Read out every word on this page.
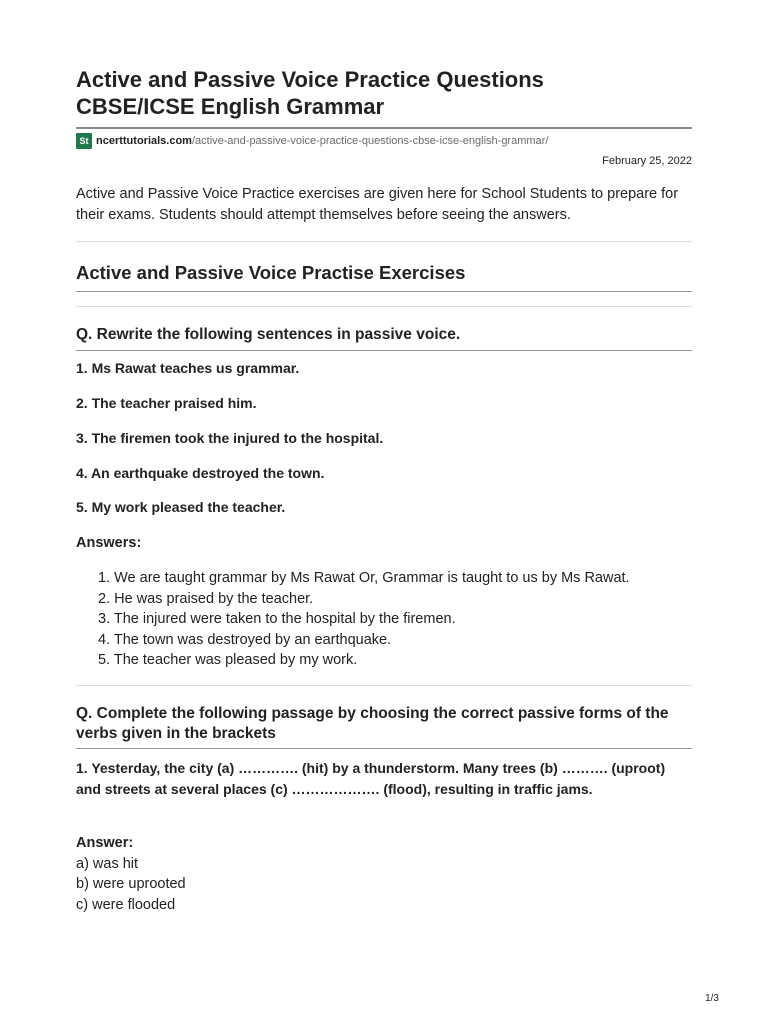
Active and Passive Voice Practice Questions
CBSE/ICSE English Grammar
St ncerttutorials.com /active-and-passive-voice-practice-questions-cbse-icse-english-grammar/
February 25, 2022

Active and Passive Voice Practice exercises are given here for School Students to prepare for their exams. Students should attempt themselves before seeing the answers.

Active and Passive Voice Practise Exercises
Q. Rewrite the following sentences in passive voice.
1. Ms Rawat teaches us grammar.
2. The teacher praised him.
3. The firemen took the injured to the hospital.
4. An earthquake destroyed the town.
5. My work pleased the teacher.
Answers:
1. We are taught grammar by Ms Rawat Or, Grammar is taught to us by Ms Rawat.
2. He was praised by the teacher.
3. The injured were taken to the hospital by the firemen.
4. The town was destroyed by an earthquake.
5. The teacher was pleased by my work.
Q. Complete the following passage by choosing the correct passive forms of the verbs given in the brackets

1. Yesterday, the city (a) …………. (hit) by a thunderstorm. Many trees (b) ………. (uproot) and streets at several places (c) ………………. (flood), resulting in traffic jams.

Answer:
a) was hit
b) were uprooted
c) were flooded
1/3
